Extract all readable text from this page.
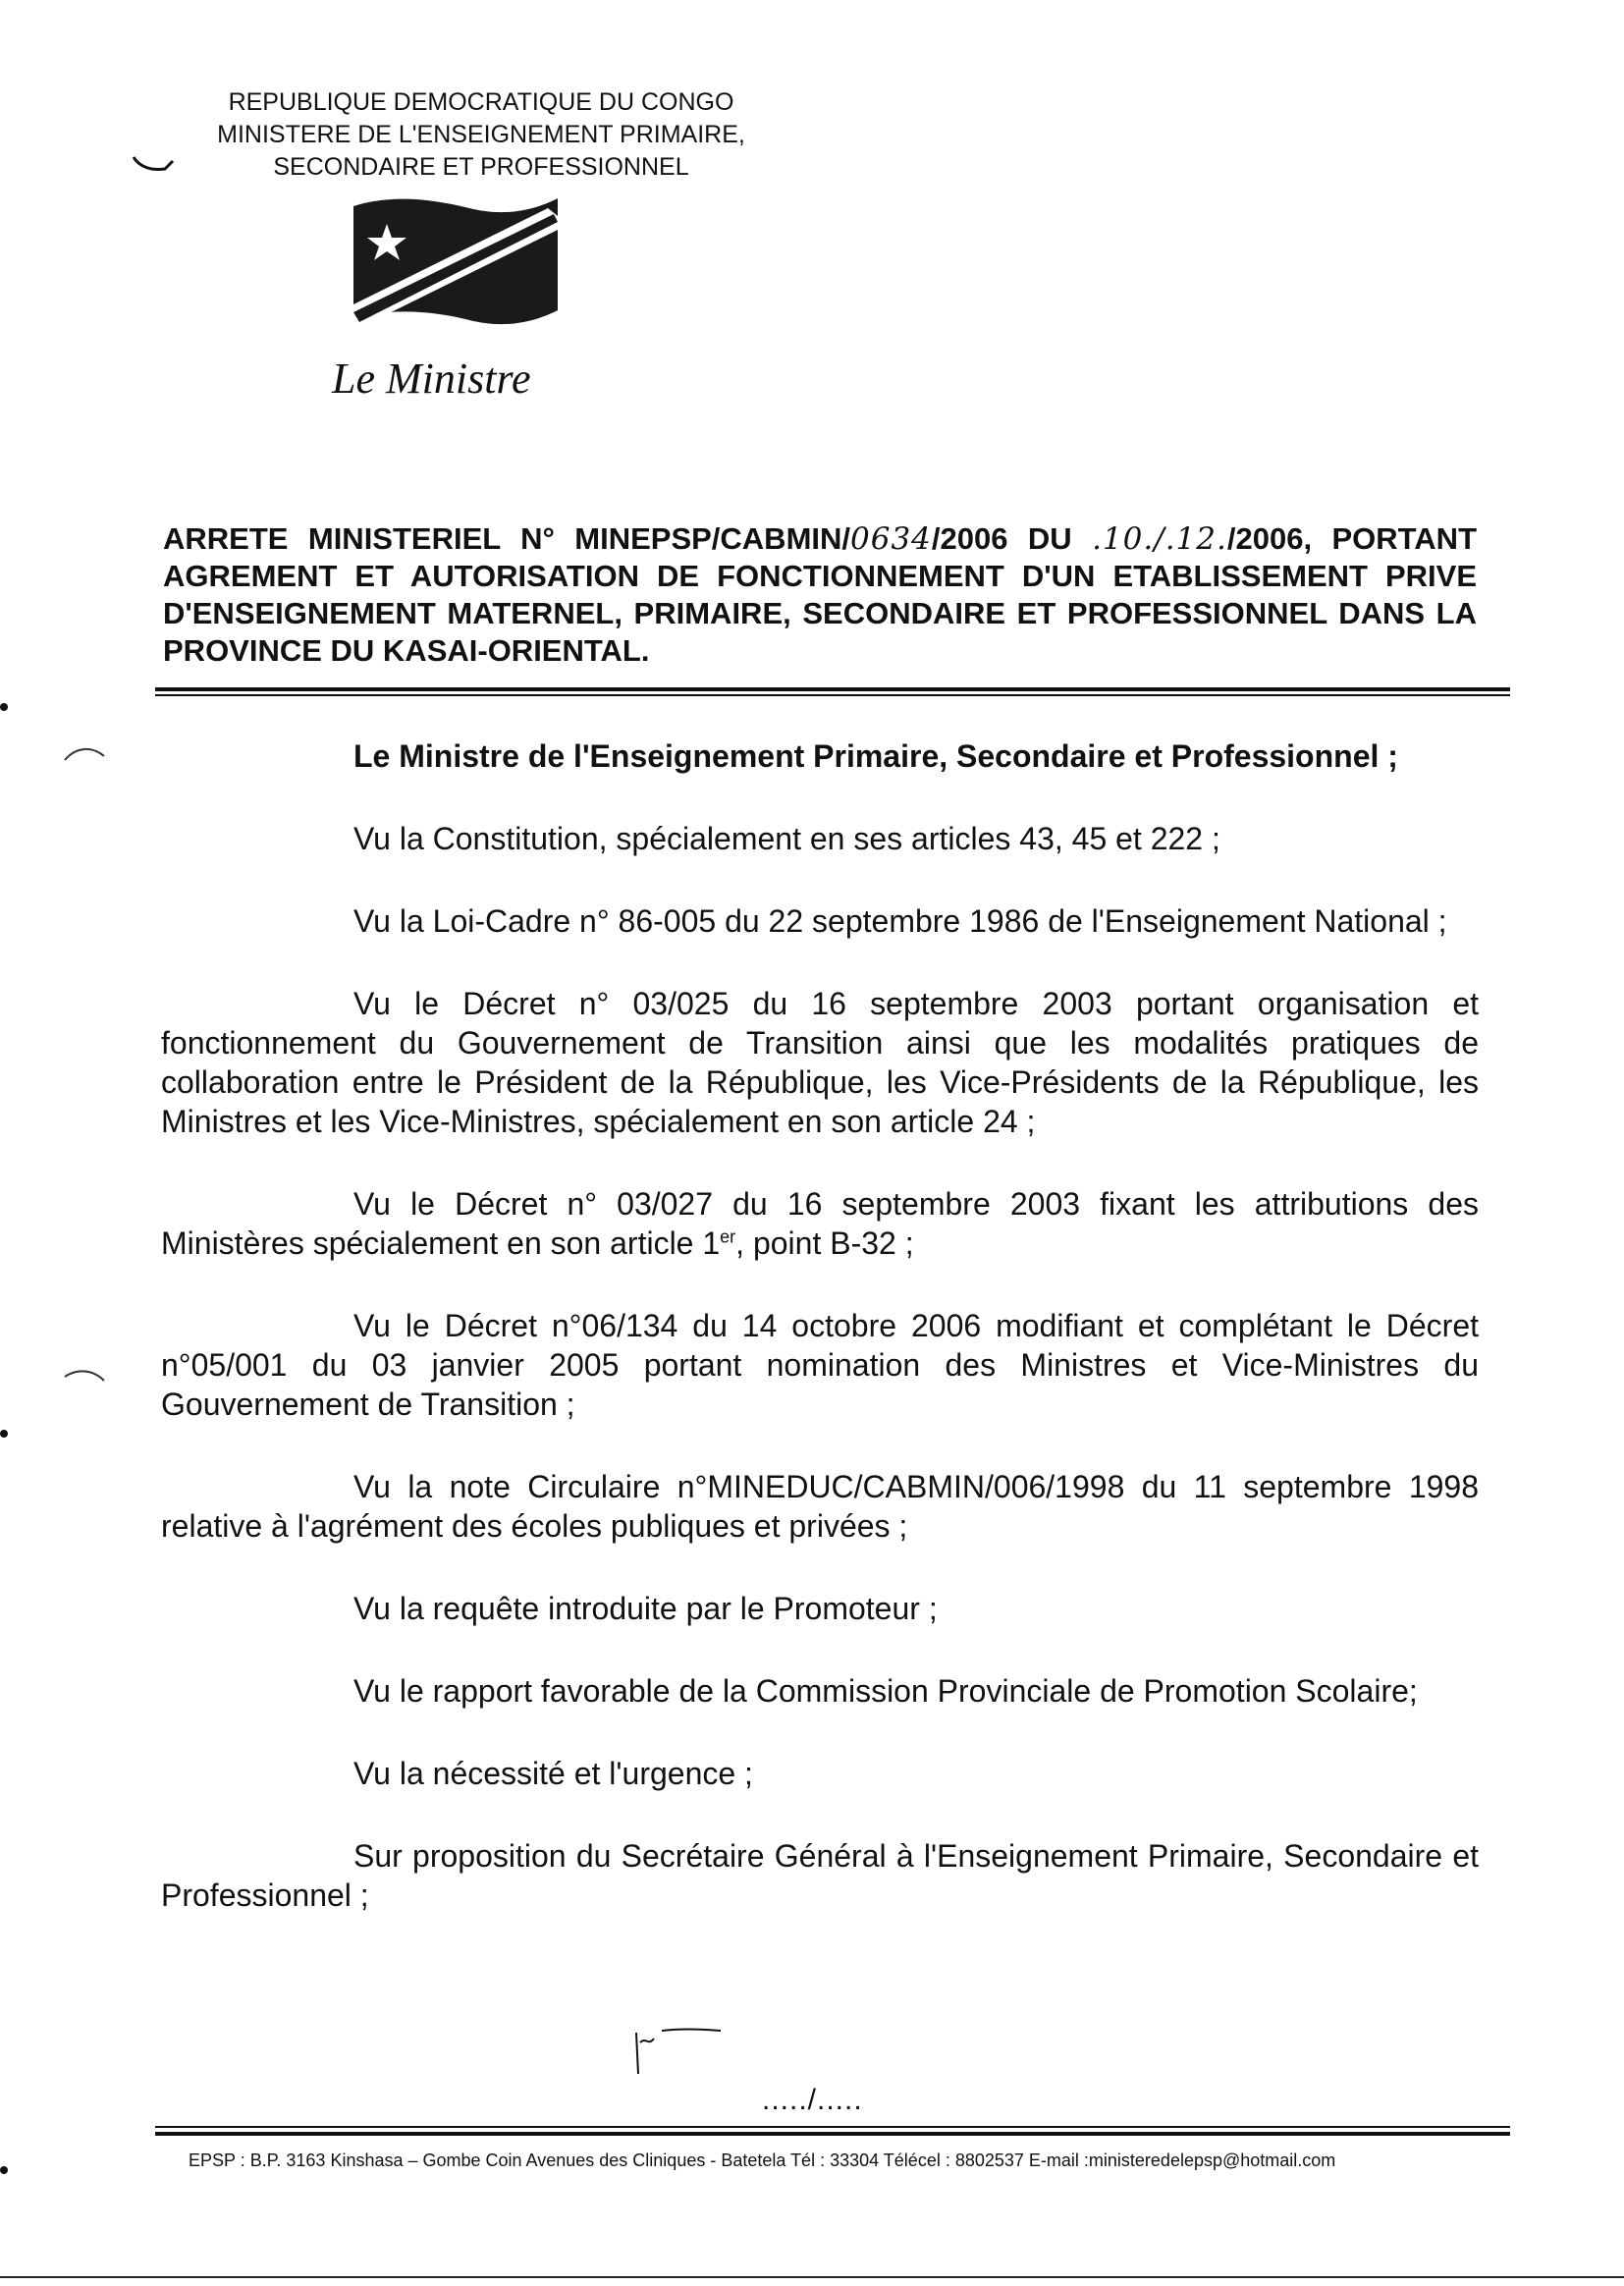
REPUBLIQUE DEMOCRATIQUE DU CONGO
MINISTERE DE L'ENSEIGNEMENT PRIMAIRE,
SECONDAIRE ET PROFESSIONNEL
Le Ministre
ARRETE MINISTERIEL N° MINEPSP/CABMIN/0634/2006 DU .10./.12./2006, PORTANT AGREMENT ET AUTORISATION DE FONCTIONNEMENT D'UN ETABLISSEMENT PRIVE D'ENSEIGNEMENT MATERNEL, PRIMAIRE, SECONDAIRE ET PROFESSIONNEL DANS LA PROVINCE DU KASAI-ORIENTAL.

Le Ministre de l'Enseignement Primaire, Secondaire et Professionnel ;

Vu la Constitution, spécialement en ses articles 43, 45 et 222 ;

Vu la Loi-Cadre n° 86-005 du 22 septembre 1986 de l'Enseignement National ;

Vu le Décret n° 03/025 du 16 septembre 2003 portant organisation et fonctionnement du Gouvernement de Transition ainsi que les modalités pratiques de collaboration entre le Président de la République, les Vice-Présidents de la République, les Ministres et les Vice-Ministres, spécialement en son article 24 ;

Vu le Décret n° 03/027 du 16 septembre 2003 fixant les attributions des Ministères spécialement en son article 1er, point B-32 ;

Vu le Décret n°06/134 du 14 octobre 2006 modifiant et complétant le Décret n°05/001 du 03 janvier 2005 portant nomination des Ministres et Vice-Ministres du Gouvernement de Transition ;

Vu la note Circulaire n°MINEDUC/CABMIN/006/1998 du 11 septembre 1998 relative à l'agrément des écoles publiques et privées ;

Vu la requête introduite par le Promoteur ;

Vu le rapport favorable de la Commission Provinciale de Promotion Scolaire;

Vu la nécessité et l'urgence ;

Sur proposition du Secrétaire Général à l'Enseignement Primaire, Secondaire et Professionnel ;

...../.....
EPSP : B.P. 3163 Kinshasa – Gombe Coin Avenues des Cliniques - Batetela Tél : 33304 Télécel : 8802537 E-mail :ministeredelepsp@hotmail.com
